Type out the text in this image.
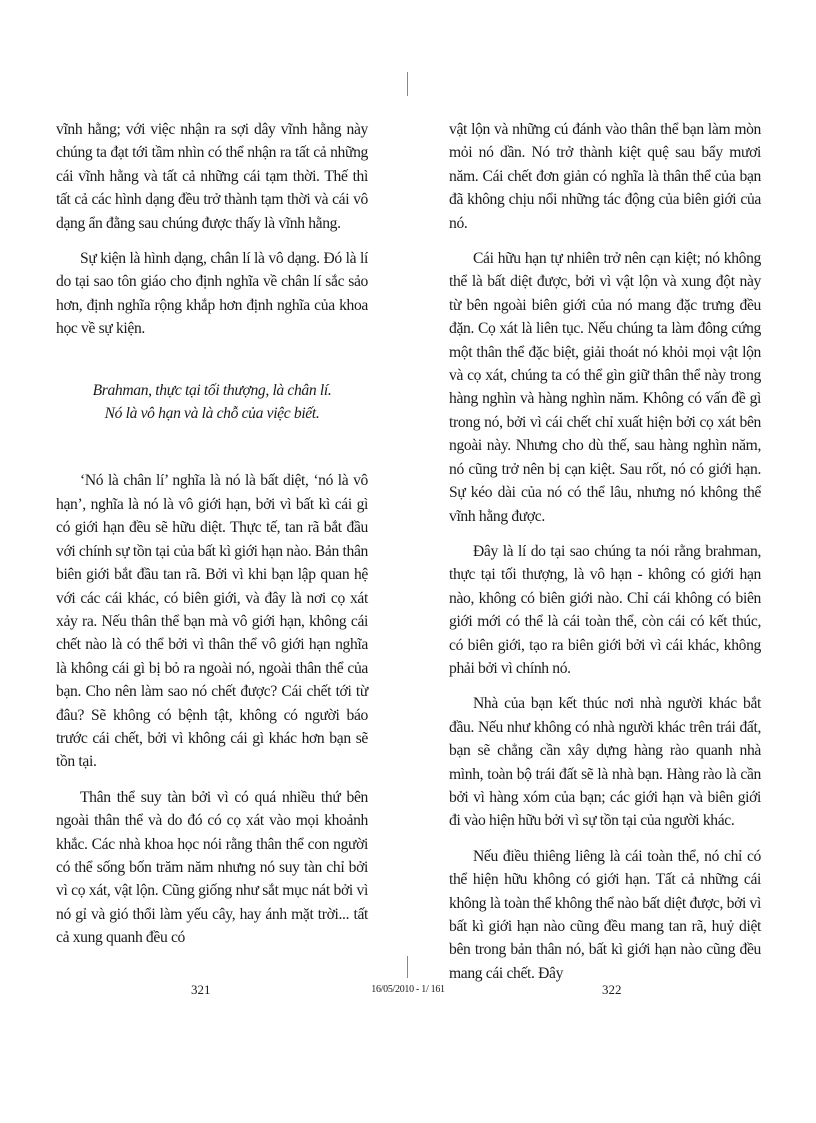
vĩnh hằng; với việc nhận ra sợi dây vĩnh hằng này chúng ta đạt tới tầm nhìn có thể nhận ra tất cả những cái vĩnh hằng và tất cả những cái tạm thời. Thế thì tất cả các hình dạng đều trở thành tạm thời và cái vô dạng ẩn đằng sau chúng được thấy là vĩnh hằng.

Sự kiện là hình dạng, chân lí là vô dạng. Đó là lí do tại sao tôn giáo cho định nghĩa về chân lí sắc sảo hơn, định nghĩa rộng khắp hơn định nghĩa của khoa học về sự kiện.

Brahman, thực tại tối thượng, là chân lí.
Nó là vô hạn và là chỗ của việc biết.

‘Nó là chân lí’ nghĩa là nó là bất diệt, ‘nó là vô hạn’, nghĩa là nó là vô giới hạn, bởi vì bất kì cái gì có giới hạn đều sẽ hữu diệt. Thực tế, tan rã bắt đầu với chính sự tồn tại của bất kì giới hạn nào. Bản thân biên giới bắt đầu tan rã. Bởi vì khi bạn lập quan hệ với các cái khác, có biên giới, và đây là nơi cọ xát xảy ra. Nếu thân thể bạn mà vô giới hạn, không cái chết nào là có thể bởi vì thân thể vô giới hạn nghĩa là không cái gì bị bỏ ra ngoài nó, ngoài thân thể của bạn. Cho nên làm sao nó chết được? Cái chết tới từ đâu? Sẽ không có bệnh tật, không có người báo trước cái chết, bởi vì không cái gì khác hơn bạn sẽ tồn tại.

Thân thể suy tàn bởi vì có quá nhiều thứ bên ngoài thân thể và do đó có cọ xát vào mọi khoảnh khắc. Các nhà khoa học nói rằng thân thể con người có thể sống bốn trăm năm nhưng nó suy tàn chỉ bởi vì cọ xát, vật lộn. Cũng giống như sắt mục nát bởi vì nó gỉ và gió thổi làm yếu cây, hay ánh mặt trời... tất cả xung quanh đều có

vật lộn và những cú đánh vào thân thể bạn làm mòn mỏi nó dần. Nó trở thành kiệt quệ sau bẩy mươi năm. Cái chết đơn giản có nghĩa là thân thể của bạn đã không chịu nổi những tác động của biên giới của nó.

Cái hữu hạn tự nhiên trở nên cạn kiệt; nó không thể là bất diệt được, bởi vì vật lộn và xung đột này từ bên ngoài biên giới của nó mang đặc trưng đều đặn. Cọ xát là liên tục. Nếu chúng ta làm đông cứng một thân thể đặc biệt, giải thoát nó khỏi mọi vật lộn và cọ xát, chúng ta có thể gìn giữ thân thể này trong hàng nghìn và hàng nghìn năm. Không có vấn đề gì trong nó, bởi vì cái chết chỉ xuất hiện bởi cọ xát bên ngoài này. Nhưng cho dù thế, sau hàng nghìn năm, nó cũng trở nên bị cạn kiệt. Sau rốt, nó có giới hạn. Sự kéo dài của nó có thể lâu, nhưng nó không thể vĩnh hằng được.

Đây là lí do tại sao chúng ta nói rằng brahman, thực tại tối thượng, là vô hạn - không có giới hạn nào, không có biên giới nào. Chỉ cái không có biên giới mới có thể là cái toàn thể, còn cái có kết thúc, có biên giới, tạo ra biên giới bởi vì cái khác, không phải bởi vì chính nó.

Nhà của bạn kết thúc nơi nhà người khác bắt đầu. Nếu như không có nhà người khác trên trái đất, bạn sẽ chẳng cần xây dựng hàng rào quanh nhà mình, toàn bộ trái đất sẽ là nhà bạn. Hàng rào là cần bởi vì hàng xóm của bạn; các giới hạn và biên giới đi vào hiện hữu bởi vì sự tồn tại của người khác.

Nếu điều thiêng liêng là cái toàn thể, nó chỉ có thể hiện hữu không có giới hạn. Tất cả những cái không là toàn thể không thể nào bất diệt được, bởi vì bất kì giới hạn nào cũng đều mang tan rã, huỷ diệt bên trong bản thân nó, bất kì giới hạn nào cũng đều mang cái chết. Đây

321	16/05/2010 - 1/ 161	322
